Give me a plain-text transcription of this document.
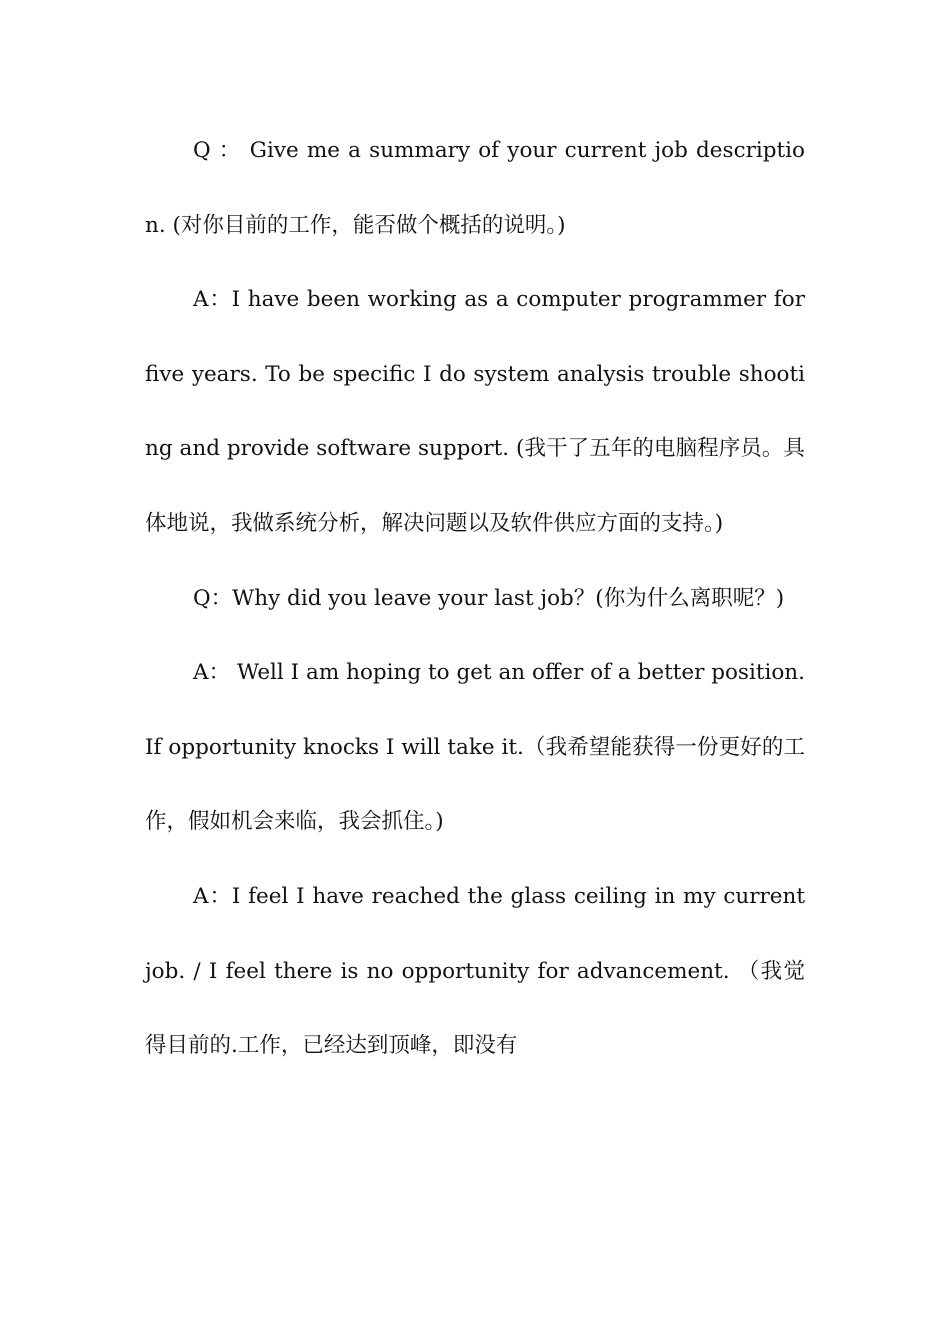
Q ： Give me a summary of your current job description. (对你目前的工作，能否做个概括的说明。)

A：I have been working as a computer programmer for five years. To be specific I do system analysis trouble shooting and provide software support. (我干了五年的电脑程序员。具体地说，我做系统分析，解决问题以及软件供应方面的支持。)

Q：Why did you leave your last job？(你为什么离职呢？)

A： Well I am hoping to get an offer of a better position. If opportunity knocks I will take it.（我希望能获得一份更好的工作，假如机会来临，我会抓住。)

A：I feel I have reached the glass ceiling in my current job. / I feel there is no opportunity for advancement. （我觉得目前的.工作，已经达到顶峰，即没有
